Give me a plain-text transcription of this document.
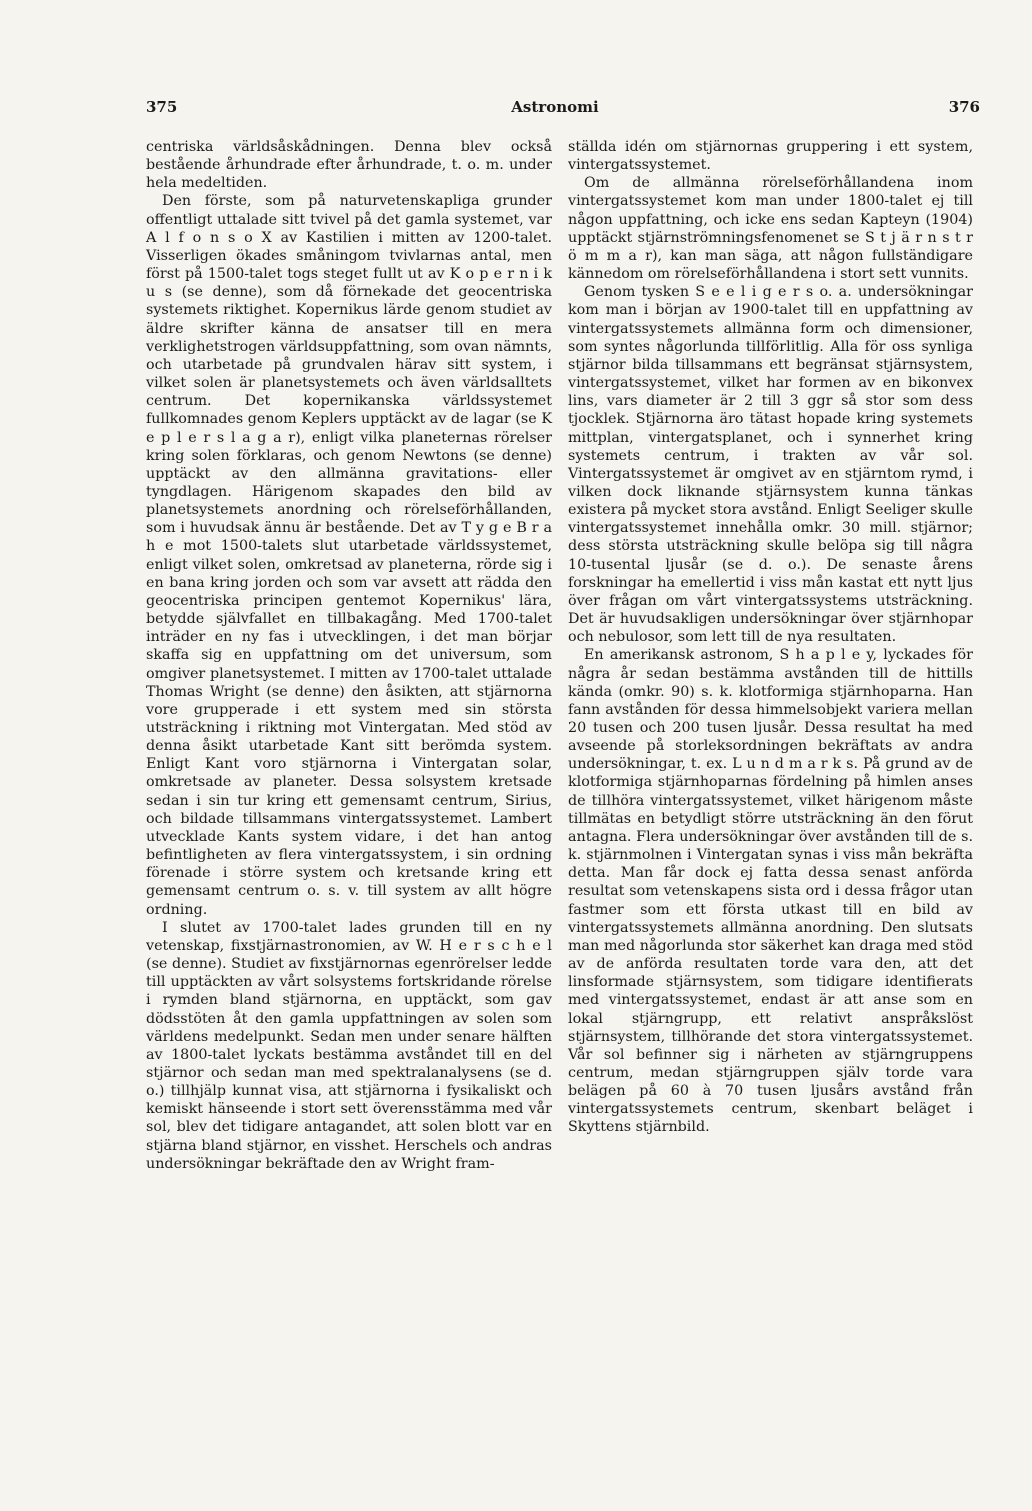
375	Astronomi	376

centriska världsåskådningen. Denna blev också bestående århundrade efter århundrade, t. o. m. under hela medeltiden.

Den förste, som på naturvetenskapliga grunder offentligt uttalade sitt tvivel på det gamla systemet, var A l f o n s o X av Kastilien i mitten av 1200-talet. Visserligen ökades småningom tvivlarnas antal, men först på 1500-talet togs steget fullt ut av K o p e r n i k u s (se denne), som då förnekade det geocentriska systemets riktighet. Kopernikus lärde genom studiet av äldre skrifter känna de ansatser till en mera verklighetstrogen världsuppfattning, som ovan nämnts, och utarbetade på grundvalen härav sitt system, i vilket solen är planetsystemets och även världsalltets centrum. Det kopernikanska världssystemet fullkomnades genom Keplers upptäckt av de lagar (se K e p l e r s l a g a r), enligt vilka planeternas rörelser kring solen förklaras, och genom Newtons (se denne) upptäckt av den allmänna gravitations- eller tyngdlagen. Härigenom skapades den bild av planetsystemets anordning och rörelseförhållanden, som i huvudsak ännu är bestående. Det av T y g e B r a h e mot 1500-talets slut utarbetade världssystemet, enligt vilket solen, omkretsad av planeterna, rörde sig i en bana kring jorden och som var avsett att rädda den geocentriska principen gentemot Kopernikus' lära, betydde självfallet en tillbakagång. Med 1700-talet inträder en ny fas i utvecklingen, i det man börjar skaffa sig en uppfattning om det universum, som omgiver planetsystemet. I mitten av 1700-talet uttalade Thomas Wright (se denne) den åsikten, att stjärnorna vore grupperade i ett system med sin största utsträckning i riktning mot Vintergatan. Med stöd av denna åsikt utarbetade Kant sitt berömda system. Enligt Kant voro stjärnorna i Vintergatan solar, omkretsade av planeter. Dessa solsystem kretsade sedan i sin tur kring ett gemensamt centrum, Sirius, och bildade tillsammans vintergatssystemet. Lambert utvecklade Kants system vidare, i det han antog befintligheten av flera vintergatssystem, i sin ordning förenade i större system och kretsande kring ett gemensamt centrum o. s. v. till system av allt högre ordning.

I slutet av 1700-talet lades grunden till en ny vetenskap, fixstjärnastronomien, av W. H e r s c h e l (se denne). Studiet av fixstjärnornas egenrörelser ledde till upptäckten av vårt solsystems fortskridande rörelse i rymden bland stjärnorna, en upptäckt, som gav dödsstöten åt den gamla uppfattningen av solen som världens medelpunkt. Sedan men under senare hälften av 1800-talet lyckats bestämma avståndet till en del stjärnor och sedan man med spektralanalysens (se d. o.) tillhjälp kunnat visa, att stjärnorna i fysikaliskt och kemiskt hänseende i stort sett överensstämma med vår sol, blev det tidigare antagandet, att solen blott var en stjärna bland stjärnor, en visshet. Herschels och andras undersökningar bekräftade den av Wright fram-

ställda idén om stjärnornas gruppering i ett system, vintergatssystemet.

Om de allmänna rörelseförhållandena inom vintergatssystemet kom man under 1800-talet ej till någon uppfattning, och icke ens sedan Kapteyn (1904) upptäckt stjärnströmningsfenomenet se S t j ä r n s t r ö m m a r), kan man säga, att någon fullständigare kännedom om rörelseförhållandena i stort sett vunnits.

Genom tysken S e e l i g e r s o. a. undersökningar kom man i början av 1900-talet till en uppfattning av vintergatssystemets allmänna form och dimensioner, som syntes någorlunda tillförlitlig. Alla för oss synliga stjärnor bilda tillsammans ett begränsat stjärnsystem, vintergatssystemet, vilket har formen av en bikonvex lins, vars diameter är 2 till 3 ggr så stor som dess tjocklek. Stjärnorna äro tätast hopade kring systemets mittplan, vintergatsplanet, och i synnerhet kring systemets centrum, i trakten av vår sol. Vintergatssystemet är omgivet av en stjärntom rymd, i vilken dock liknande stjärnsystem kunna tänkas existera på mycket stora avstånd. Enligt Seeliger skulle vintergatssystemet innehålla omkr. 30 mill. stjärnor; dess största utsträckning skulle belöpa sig till några 10-tusental ljusår (se d. o.). De senaste årens forskningar ha emellertid i viss mån kastat ett nytt ljus över frågan om vårt vintergatssystems utsträckning. Det är huvudsakligen undersökningar över stjärnhopar och nebulosor, som lett till de nya resultaten.

En amerikansk astronom, S h a p l e y, lyckades för några år sedan bestämma avstånden till de hittills kända (omkr. 90) s. k. klotformiga stjärnhoparna. Han fann avstånden för dessa himmelsobjekt variera mellan 20 tusen och 200 tusen ljusår. Dessa resultat ha med avseende på storleksordningen bekräftats av andra undersökningar, t. ex. L u n d m a r k s. På grund av de klotformiga stjärnhoparnas fördelning på himlen anses de tillhöra vintergatssystemet, vilket härigenom måste tillmätas en betydligt större utsträckning än den förut antagna. Flera undersökningar över avstånden till de s. k. stjärnmolnen i Vintergatan synas i viss mån bekräfta detta. Man får dock ej fatta dessa senast anförda resultat som vetenskapens sista ord i dessa frågor utan fastmer som ett första utkast till en bild av vintergatssystemets allmänna anordning. Den slutsats man med någorlunda stor säkerhet kan draga med stöd av de anförda resultaten torde vara den, att det linsformade stjärnsystem, som tidigare identifierats med vintergatssystemet, endast är att anse som en lokal stjärngrupp, ett relativt anspråkslöst stjärnsystem, tillhörande det stora vintergatssystemet. Vår sol befinner sig i närheten av stjärngruppens centrum, medan stjärngruppen själv torde vara belägen på 60 à 70 tusen ljusårs avstånd från vintergatssystemets centrum, skenbart beläget i Skyttens stjärnbild.
